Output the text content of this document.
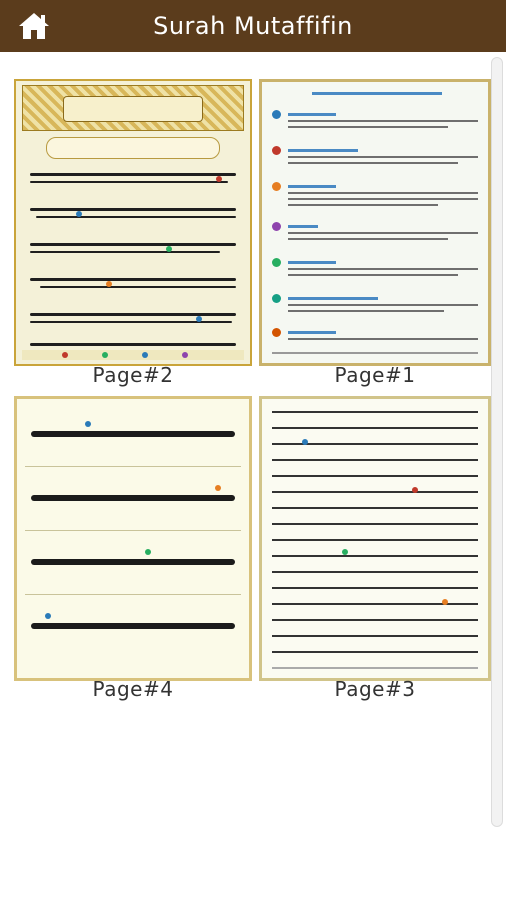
Surah Mutaffifin
Page#2	Page#1
Page#4	Page#3
